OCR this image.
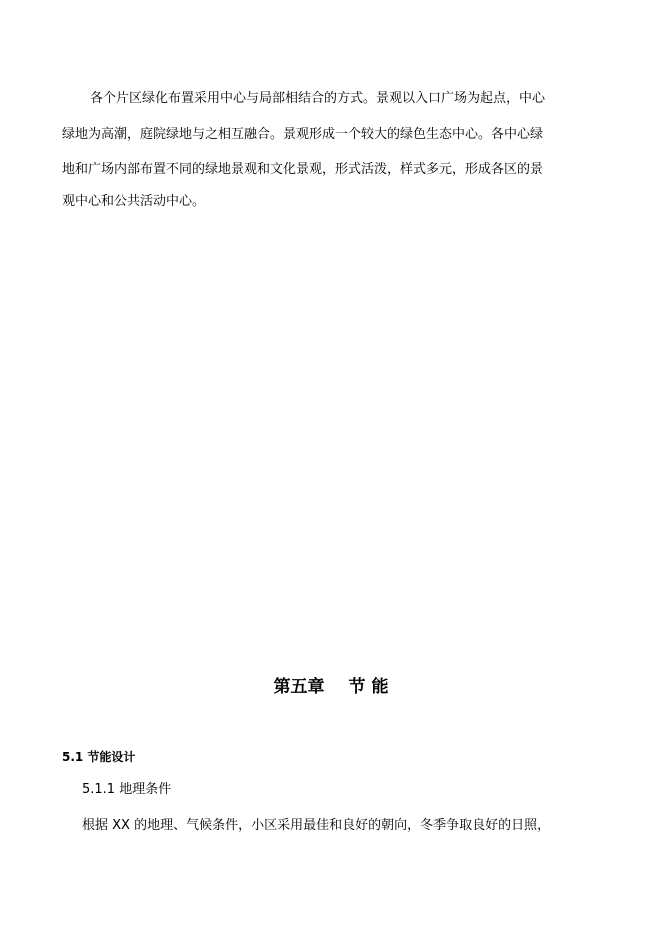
各个片区绿化布置采用中心与局部相结合的方式。景观以入口广场为起点，中心
绿地为高潮，庭院绿地与之相互融合。景观形成一个较大的绿色生态中心。各中心绿
地和广场内部布置不同的绿地景观和文化景观，形式活泼，样式多元，形成各区的景
观中心和公共活动中心。
第五章 节 能
5.1 节能设计
5.1.1 地理条件
根据 XX 的地理、气候条件，小区采用最佳和良好的朝向，冬季争取良好的日照，
